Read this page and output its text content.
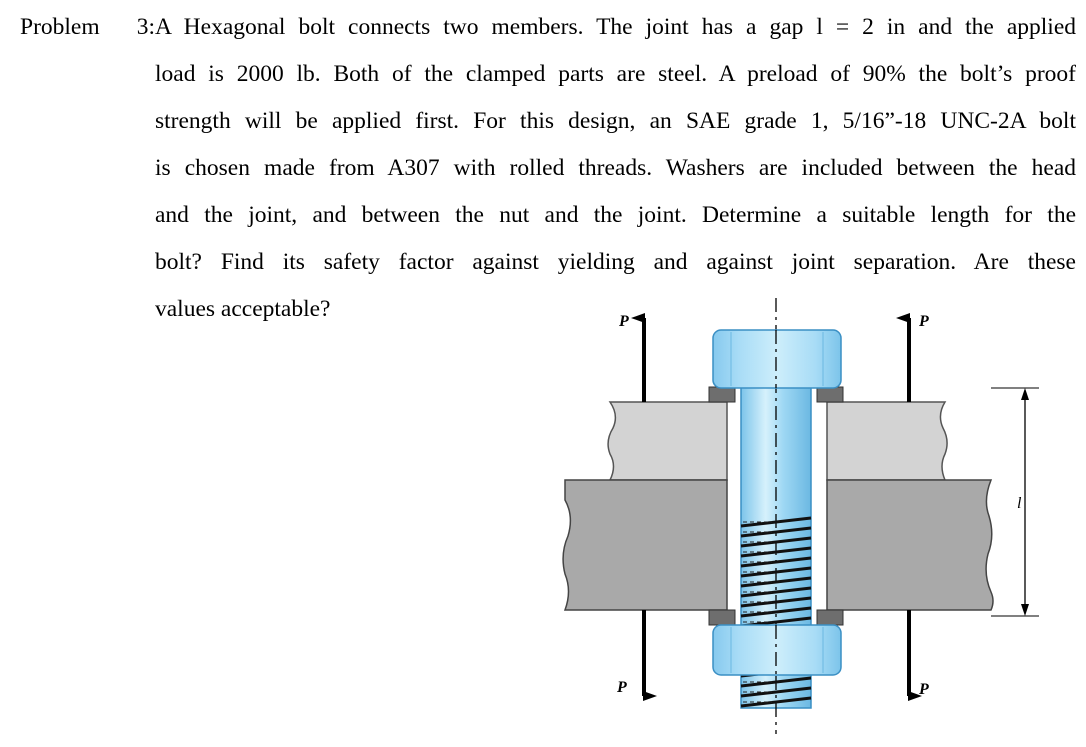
Problem 3:A Hexagonal bolt connects two members. The joint has a gap l = 2 in and the applied
load is 2000 lb. Both of the clamped parts are steel. A preload of 90% the bolt’s proof
strength will be applied first. For this design, an SAE grade 1, 5/16”-18 UNC-2A bolt
is chosen made from A307 with rolled threads. Washers are included between the head
and the joint, and between the nut and the joint. Determine a suitable length for the
bolt? Find its safety factor against yielding and against joint separation. Are these
values acceptable?	P	P
P	P
l
